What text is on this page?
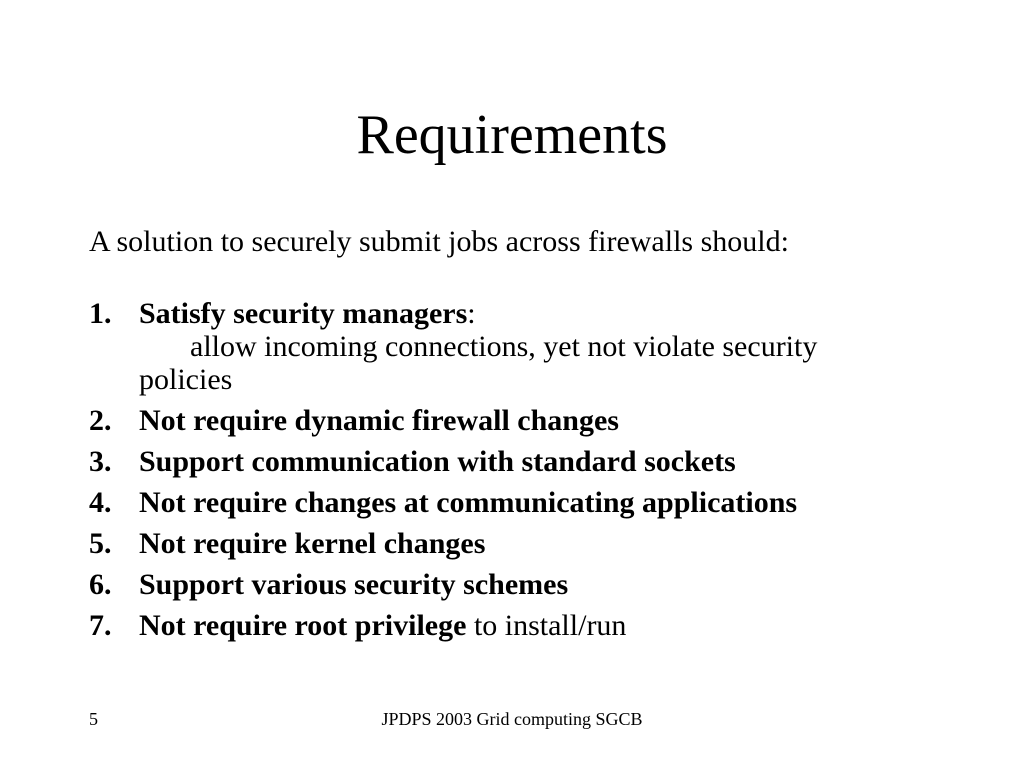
Requirements
A solution to securely submit jobs across firewalls should:
1. Satisfy security managers:
allow incoming connections, yet not violate security
policies
2. Not require dynamic firewall changes
3. Support communication with standard sockets
4. Not require changes at communicating applications
5. Not require kernel changes
6. Support various security schemes
7. Not require root privilege to install/run
5	JPDPS 2003 Grid computing SGCB
